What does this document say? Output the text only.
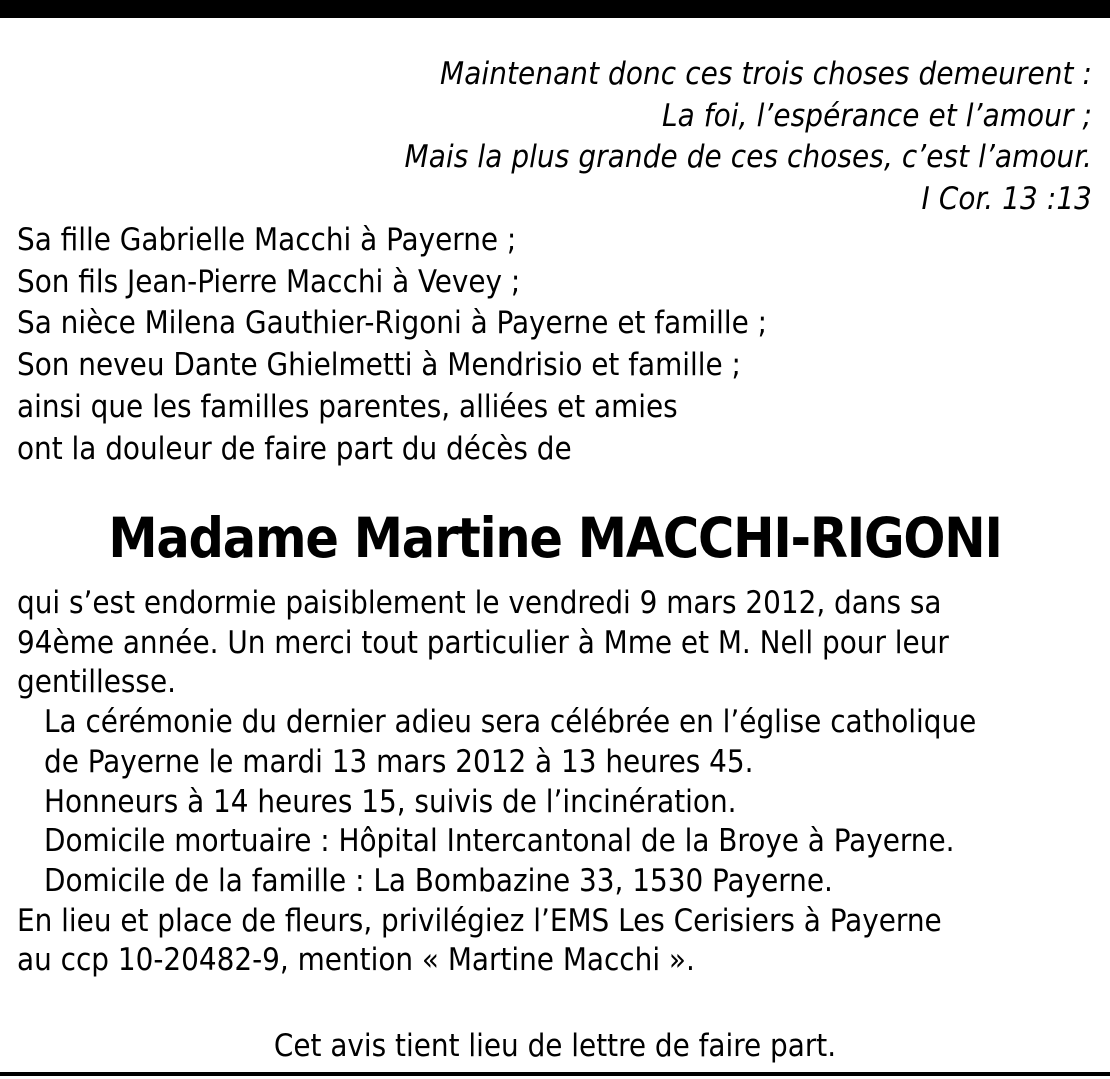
Maintenant donc ces trois choses demeurent :
La foi, l’espérance et l’amour ;
Mais la plus grande de ces choses, c’est l’amour.
I Cor. 13 :13
Sa fille Gabrielle Macchi à Payerne ;
Son fils Jean-Pierre Macchi à Vevey ;
Sa nièce Milena Gauthier-Rigoni à Payerne et famille ;
Son neveu Dante Ghielmetti à Mendrisio et famille ;
ainsi que les familles parentes, alliées et amies
ont la douleur de faire part du décès de
Madame Martine MACCHI-RIGONI
qui s’est endormie paisiblement le vendredi 9 mars 2012, dans sa
94ème année. Un merci tout particulier à Mme et M. Nell pour leur
gentillesse.
La cérémonie du dernier adieu sera célébrée en l’église catholique
de Payerne le mardi 13 mars 2012 à 13 heures 45.
Honneurs à 14 heures 15, suivis de l’incinération.
Domicile mortuaire : Hôpital Intercantonal de la Broye à Payerne.
Domicile de la famille : La Bombazine 33, 1530 Payerne.
En lieu et place de fleurs, privilégiez l’EMS Les Cerisiers à Payerne
au ccp 10-20482-9, mention « Martine Macchi ».
Cet avis tient lieu de lettre de faire part.
